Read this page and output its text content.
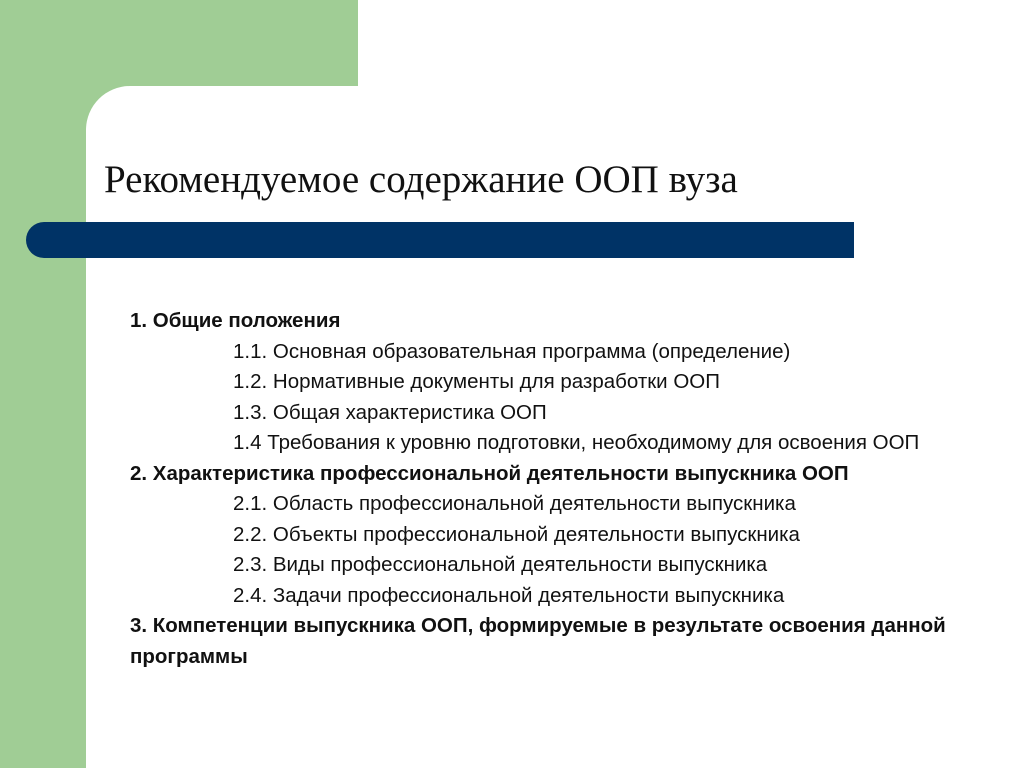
Рекомендуемое содержание ООП вуза

1. Общие положения

1.1. Основная образовательная программа (определение)

1.2. Нормативные документы для разработки ООП

1.3. Общая характеристика ООП

1.4 Требования к уровню подготовки, необходимому для освоения ООП

2. Характеристика профессиональной деятельности выпускника ООП

2.1. Область профессиональной деятельности выпускника

2.2. Объекты профессиональной деятельности выпускника

2.3. Виды профессиональной деятельности выпускника

2.4. Задачи профессиональной деятельности выпускника

3. Компетенции выпускника ООП, формируемые в результате освоения данной программы
